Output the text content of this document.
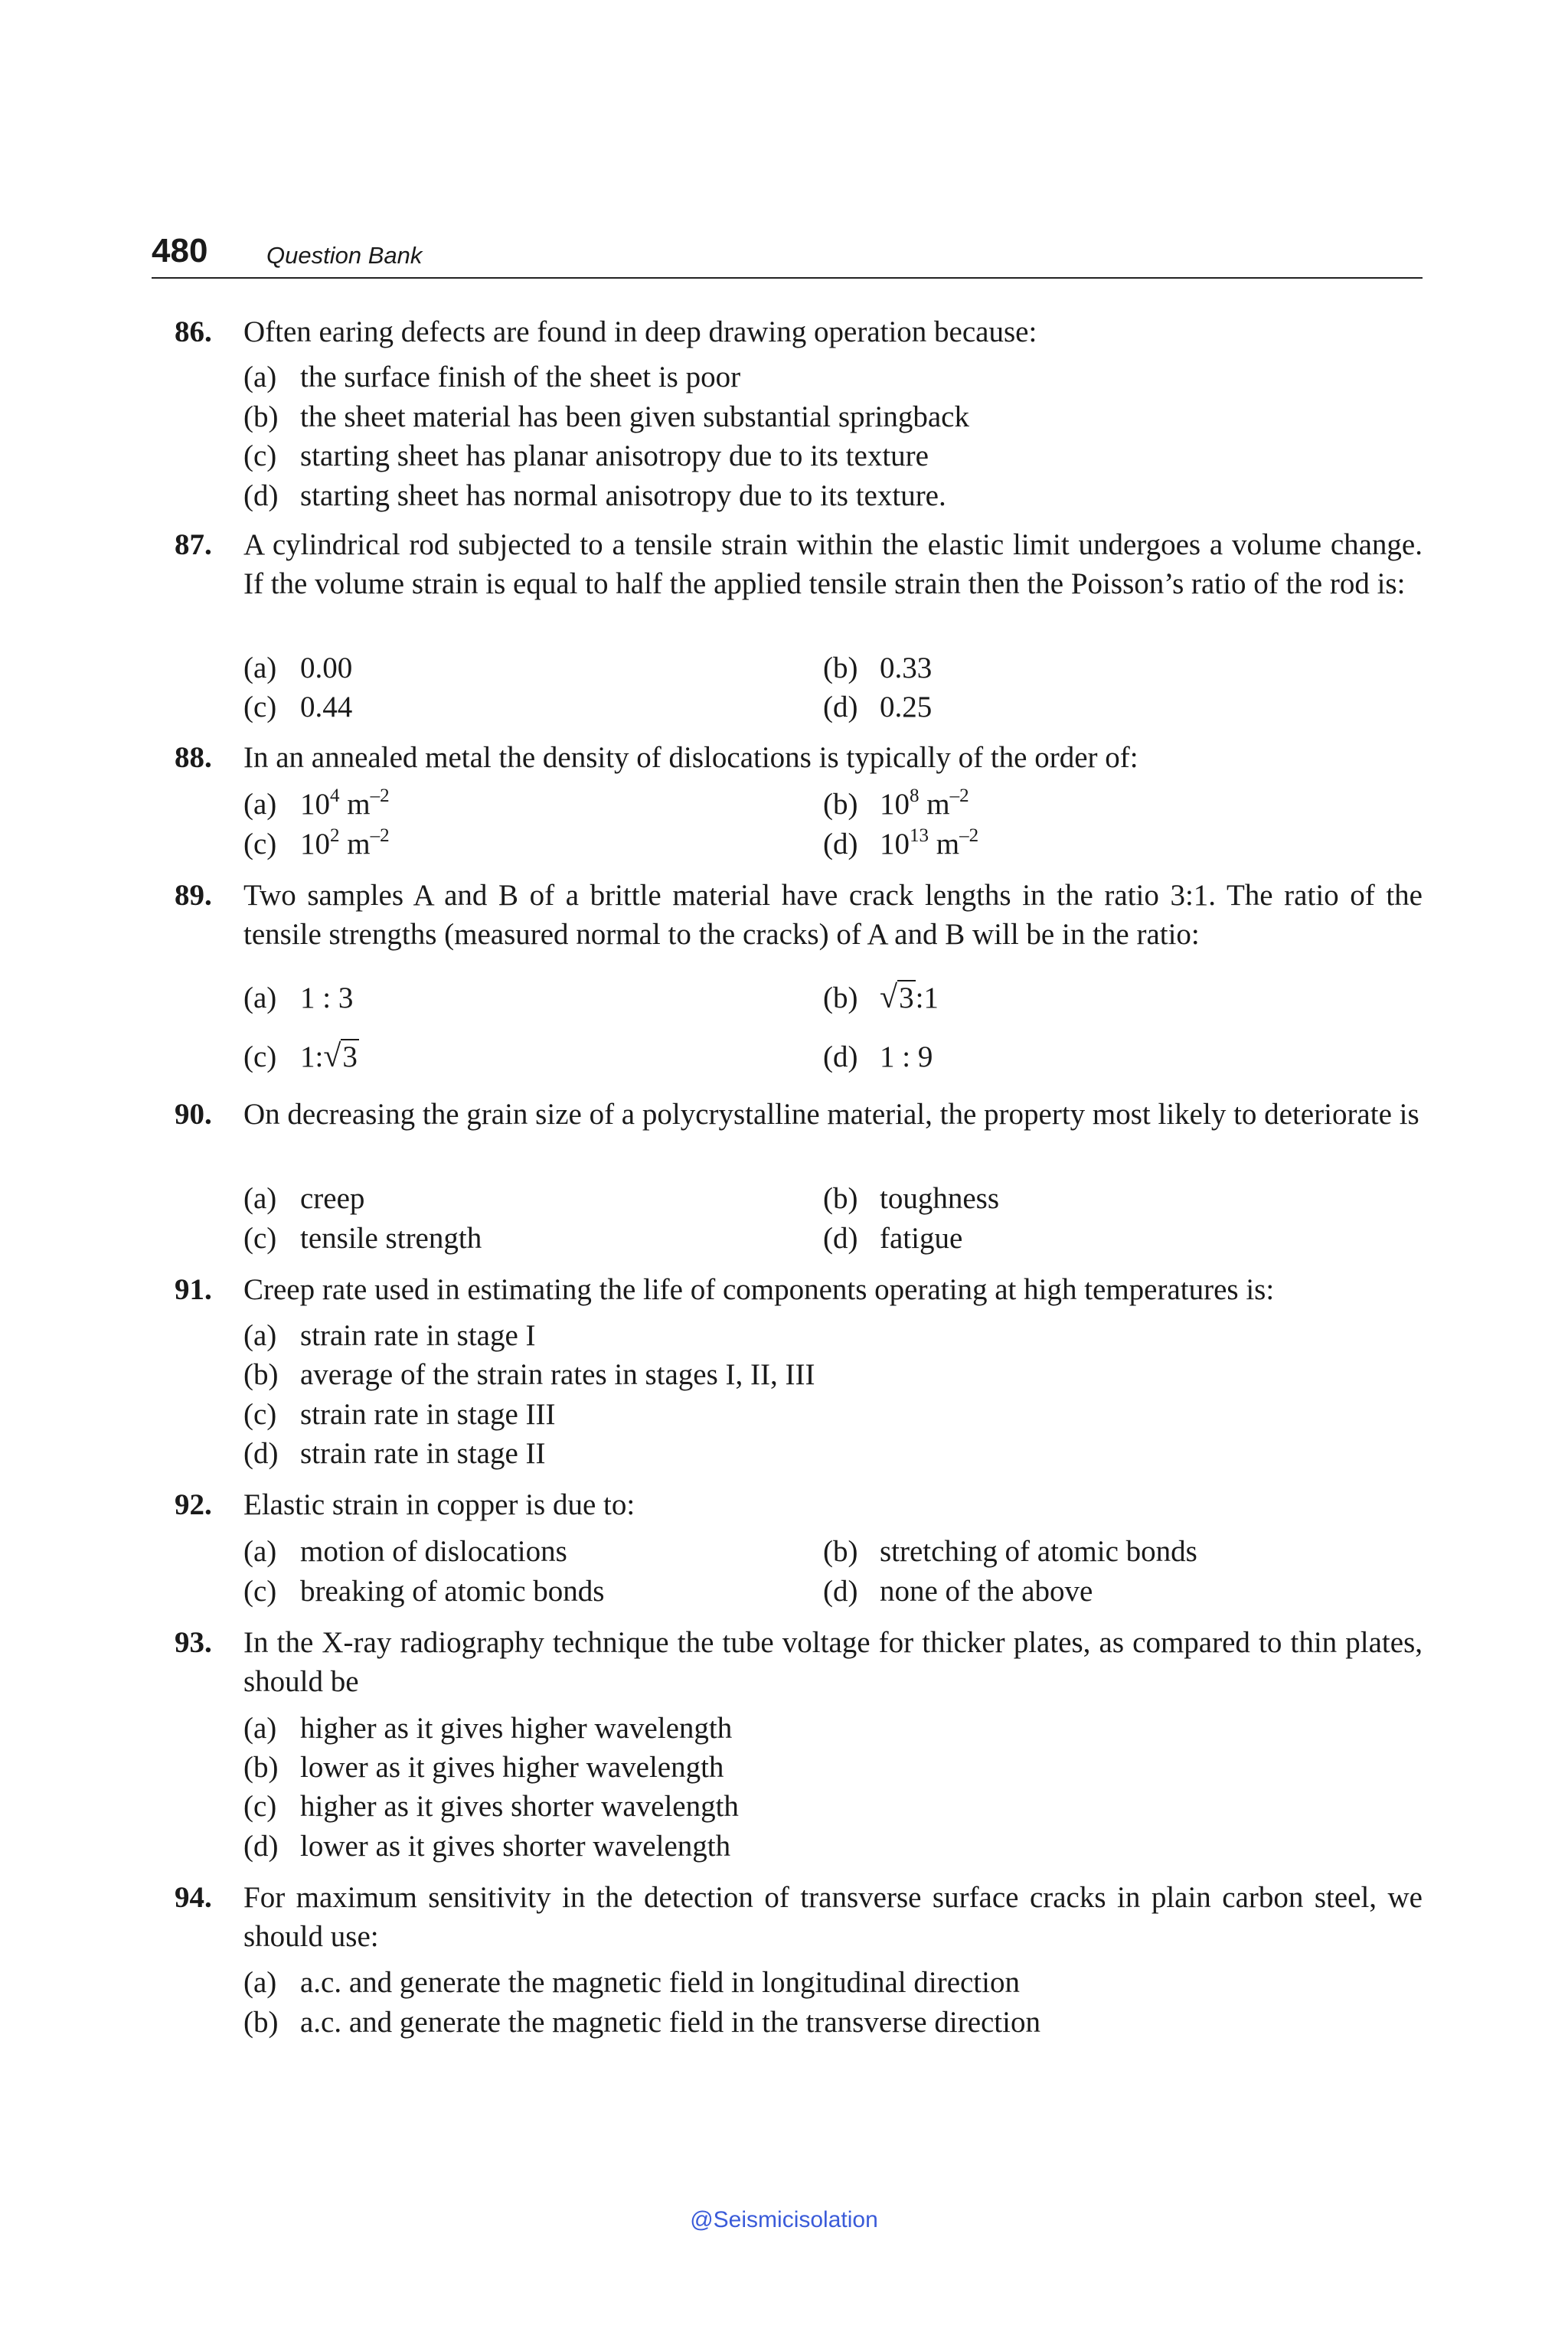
480 Question Bank
86.	Often earing defects are found in deep drawing operation because:
(a) the surface finish of the sheet is poor
(b) the sheet material has been given substantial springback
(c) starting sheet has planar anisotropy due to its texture
(d) starting sheet has normal anisotropy due to its texture.
87.	A cylindrical rod subjected to a tensile strain within the elastic limit undergoes a volume change. If the volume strain is equal to half the applied tensile strain then the Poisson’s ratio of the rod is:
(a) 0.00	(b) 0.33
(c) 0.44	(d) 0.25
88.	In an annealed metal the density of dislocations is typically of the order of:
(a) $10^4$ $m^{-2}$	(b) $10^8$ $m^{-2}$
(c) $10^2$ $m^{-2}$	(d) $10^{13}$ $m^{-2}$
89.	Two samples A and B of a brittle material have crack lengths in the ratio 3:1. The ratio of the tensile strengths (measured normal to the cracks) of A and B will be in the ratio:
(a) 1 : 3	(b) √3:1
(c) 1:√3	(d) 1 : 9
90.	On decreasing the grain size of a polycrystalline material, the property most likely to deteriorate is
(a) creep	(b) toughness
(c) tensile strength	(d) fatigue
91.	Creep rate used in estimating the life of components operating at high temperatures is:
(a) strain rate in stage I
(b) average of the strain rates in stages I, II, III
(c) strain rate in stage III
(d) strain rate in stage II
92.	Elastic strain in copper is due to:
(a) motion of dislocations	(b) stretching of atomic bonds
(c) breaking of atomic bonds	(d) none of the above
93.	In the X-ray radiography technique the tube voltage for thicker plates, as compared to thin plates, should be
(a) higher as it gives higher wavelength
(b) lower as it gives higher wavelength
(c) higher as it gives shorter wavelength
(d) lower as it gives shorter wavelength
94.	For maximum sensitivity in the detection of transverse surface cracks in plain carbon steel, we should use:
(a) a.c. and generate the magnetic field in longitudinal direction
(b) a.c. and generate the magnetic field in the transverse direction
@Seismicisolation
